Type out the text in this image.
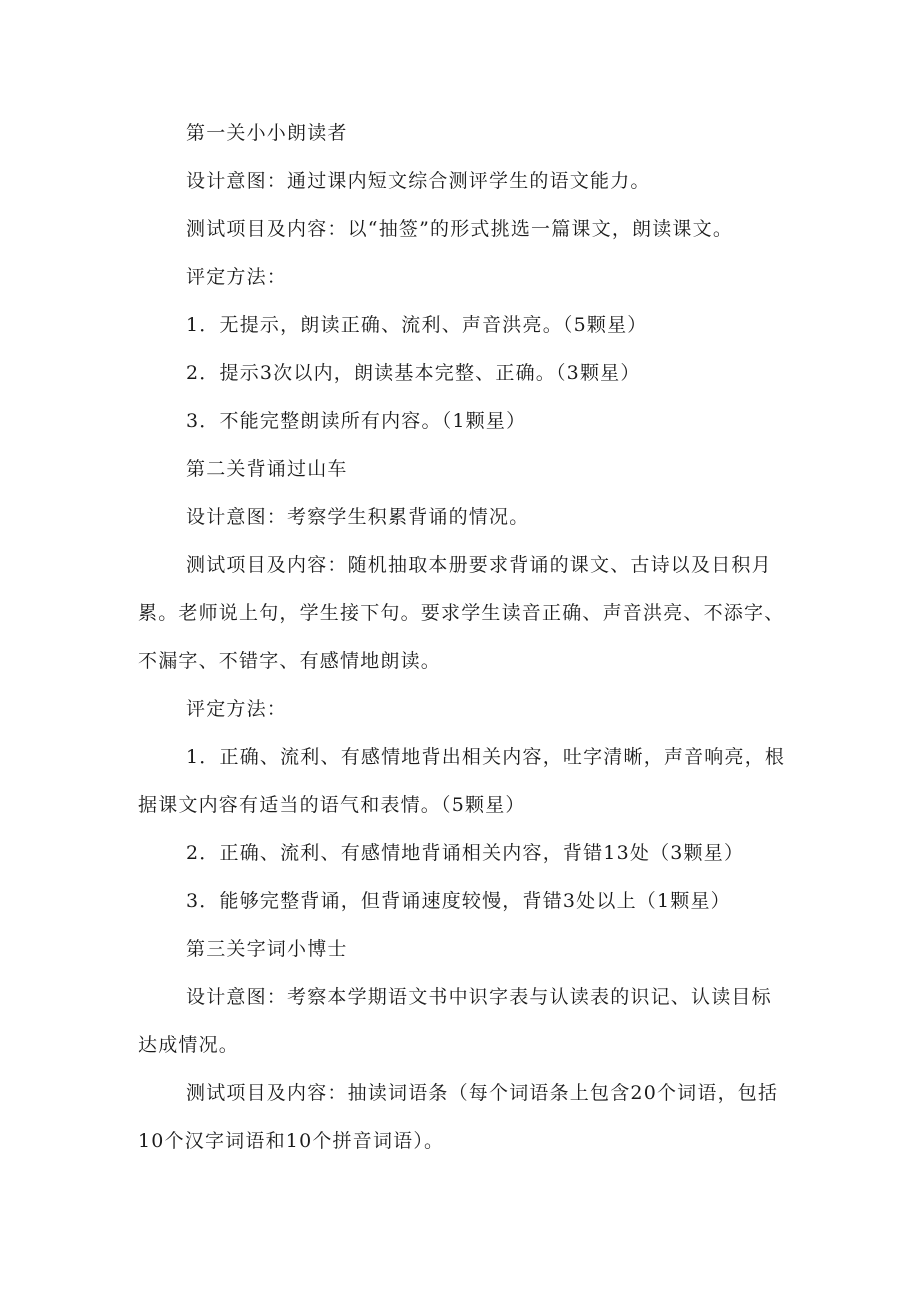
第一关小小朗读者

设计意图：通过课内短文综合测评学生的语文能力。

测试项目及内容：以“抽签”的形式挑选一篇课文，朗读课文。

评定方法：

1．无提示，朗读正确、流利、声音洪亮。（5颗星）

2．提示3次以内，朗读基本完整、正确。（3颗星）

3．不能完整朗读所有内容。（1颗星）

第二关背诵过山车

设计意图：考察学生积累背诵的情况。

测试项目及内容：随机抽取本册要求背诵的课文、古诗以及日积月累。老师说上句，学生接下句。要求学生读音正确、声音洪亮、不添字、不漏字、不错字、有感情地朗读。

评定方法：

1．正确、流利、有感情地背出相关内容，吐字清晰，声音响亮，根据课文内容有适当的语气和表情。（5颗星）

2．正确、流利、有感情地背诵相关内容，背错13处（3颗星）

3．能够完整背诵，但背诵速度较慢，背错3处以上（1颗星）

第三关字词小博士

设计意图：考察本学期语文书中识字表与认读表的识记、认读目标达成情况。

测试项目及内容：抽读词语条（每个词语条上包含20个词语，包括10个汉字词语和10个拼音词语）。
